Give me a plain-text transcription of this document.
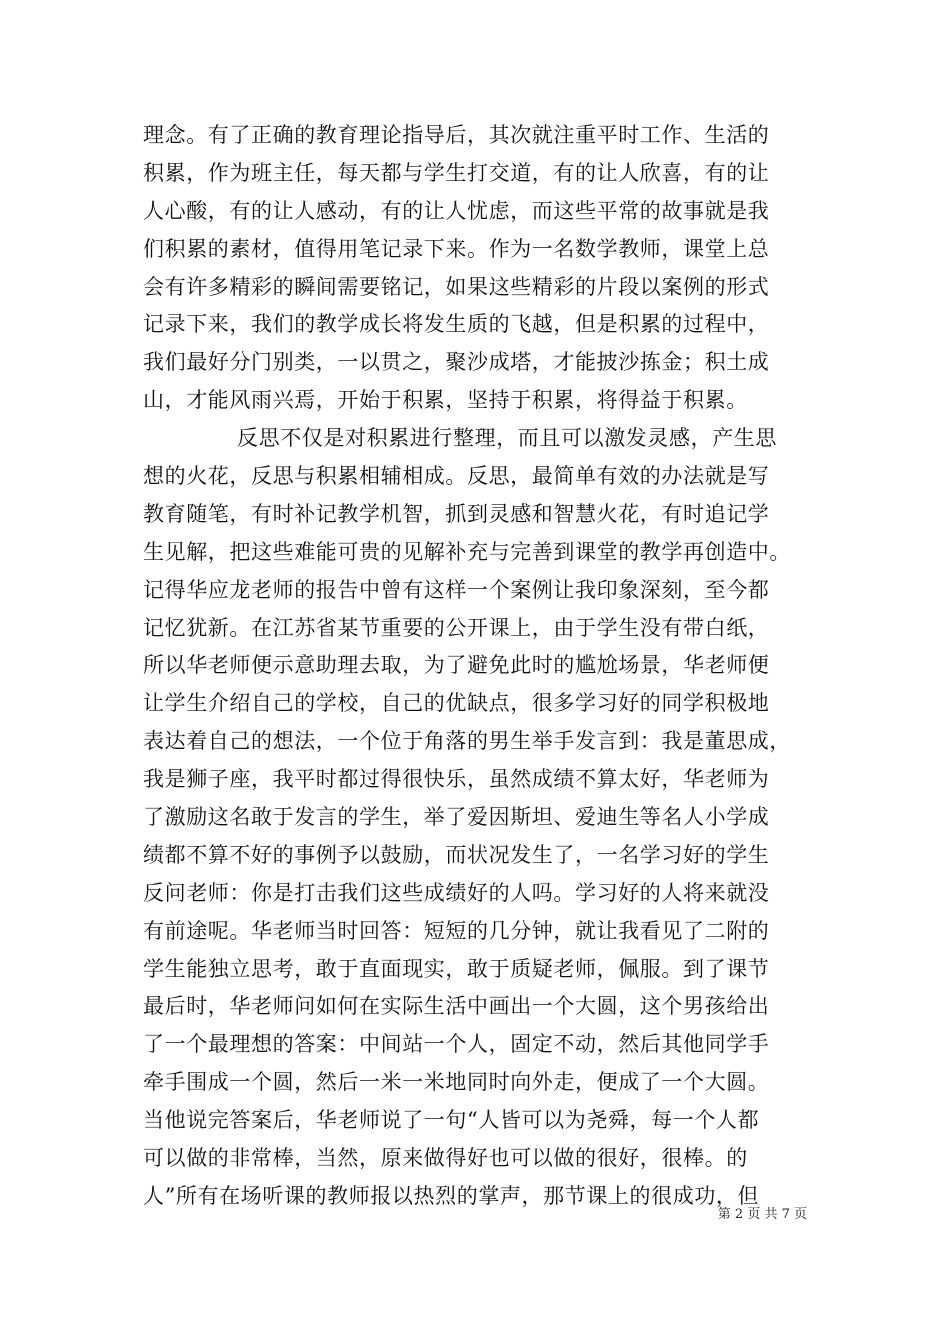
理念。有了正确的教育理论指导后，其次就注重平时工作、生活的
积累，作为班主任，每天都与学生打交道，有的让人欣喜，有的让
人心酸，有的让人感动，有的让人忧虑，而这些平常的故事就是我
们积累的素材，值得用笔记录下来。作为一名数学教师，课堂上总
会有许多精彩的瞬间需要铭记，如果这些精彩的片段以案例的形式
记录下来，我们的教学成长将发生质的飞越，但是积累的过程中，
我们最好分门别类，一以贯之，聚沙成塔，才能披沙拣金；积土成
山，才能风雨兴焉，开始于积累，坚持于积累，将得益于积累。
反思不仅是对积累进行整理，而且可以激发灵感，产生思
想的火花，反思与积累相辅相成。反思，最简单有效的办法就是写
教育随笔，有时补记教学机智，抓到灵感和智慧火花，有时追记学
生见解，把这些难能可贵的见解补充与完善到课堂的教学再创造中。
记得华应龙老师的报告中曾有这样一个案例让我印象深刻，至今都
记忆犹新。在江苏省某节重要的公开课上，由于学生没有带白纸，
所以华老师便示意助理去取，为了避免此时的尴尬场景，华老师便
让学生介绍自己的学校，自己的优缺点，很多学习好的同学积极地
表达着自己的想法，一个位于角落的男生举手发言到：我是董思成，
我是狮子座，我平时都过得很快乐，虽然成绩不算太好，华老师为
了激励这名敢于发言的学生，举了爱因斯坦、爱迪生等名人小学成
绩都不算不好的事例予以鼓励，而状况发生了，一名学习好的学生
反问老师：你是打击我们这些成绩好的人吗。学习好的人将来就没
有前途呢。华老师当时回答：短短的几分钟，就让我看见了二附的
学生能独立思考，敢于直面现实，敢于质疑老师，佩服。到了课节
最后时，华老师问如何在实际生活中画出一个大圆，这个男孩给出
了一个最理想的答案：中间站一个人，固定不动，然后其他同学手
牵手围成一个圆，然后一米一米地同时向外走，便成了一个大圆。
当他说完答案后，华老师说了一句“人皆可以为尧舜，每一个人都
可以做的非常棒，当然，原来做得好也可以做的很好，很棒。的
人”所有在场听课的教师报以热烈的掌声，那节课上的很成功，但
第 2 页 共 7 页
